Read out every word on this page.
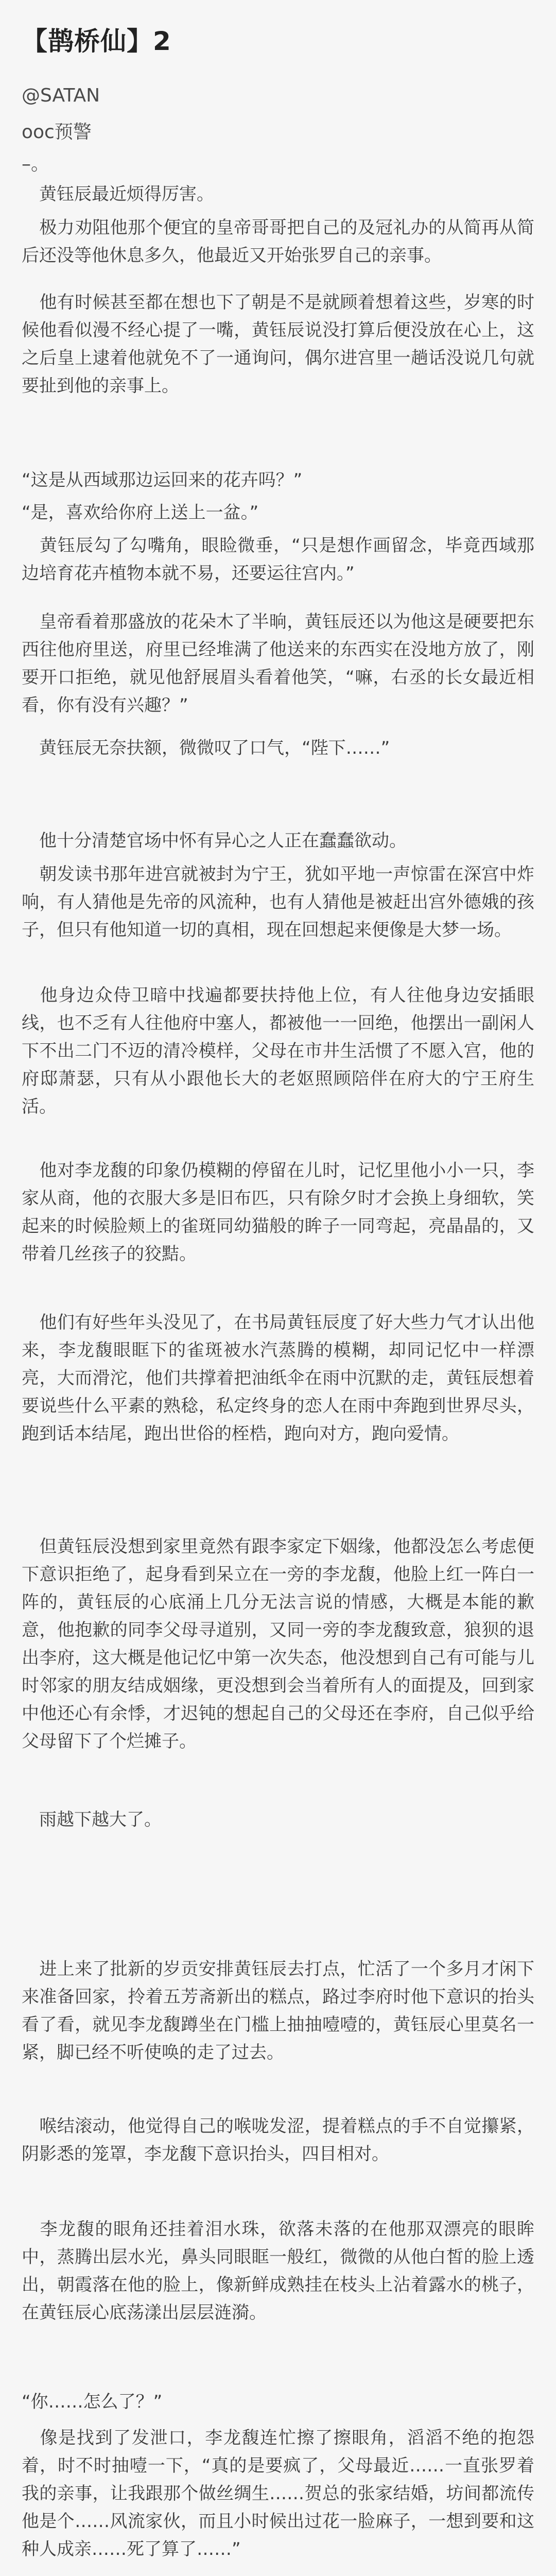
【鹊桥仙】2
@SATAN
ooc预警
–。

　黄钰辰最近烦得厉害。

　极力劝阻他那个便宜的皇帝哥哥把自己的及冠礼办的从简再从简后还没等他休息多久，他最近又开始张罗自己的亲事。

　他有时候甚至都在想也下了朝是不是就顾着想着这些，岁寒的时候他看似漫不经心提了一嘴，黄钰辰说没打算后便没放在心上，这之后皇上逮着他就免不了一通询问，偶尔进宫里一趟话没说几句就要扯到他的亲事上。

“这是从西域那边运回来的花卉吗？”

“是，喜欢给你府上送上一盆。”

　黄钰辰勾了勾嘴角，眼睑微垂，“只是想作画留念，毕竟西域那边培育花卉植物本就不易，还要运往宫内。”

　皇帝看着那盛放的花朵木了半晌，黄钰辰还以为他这是硬要把东西往他府里送，府里已经堆满了他送来的东西实在没地方放了，刚要开口拒绝，就见他舒展眉头看着他笑，“嘛，右丞的长女最近相看，你有没有兴趣？”

　黄钰辰无奈扶额，微微叹了口气，“陛下……”

　他十分清楚官场中怀有异心之人正在蠢蠢欲动。

　朝发读书那年进宫就被封为宁王，犹如平地一声惊雷在深宫中炸响，有人猜他是先帝的风流种，也有人猜他是被赶出宫外德娥的孩子，但只有他知道一切的真相，现在回想起来便像是大梦一场。

　他身边众侍卫暗中找遍都要扶持他上位，有人往他身边安插眼线，也不乏有人往他府中塞人，都被他一一回绝，他摆出一副闲人下不出二门不迈的清冷模样，父母在市井生活惯了不愿入宫，他的府邸萧瑟，只有从小跟他长大的老妪照顾陪伴在府大的宁王府生活。

　他对李龙馥的印象仍模糊的停留在儿时，记忆里他小小一只，李家从商，他的衣服大多是旧布匹，只有除夕时才会换上身细软，笑起来的时候脸颊上的雀斑同幼猫般的眸子一同弯起，亮晶晶的，又带着几丝孩子的狡黠。

　他们有好些年头没见了，在书局黄钰辰度了好大些力气才认出他来，李龙馥眼眶下的雀斑被水汽蒸腾的模糊，却同记忆中一样漂亮，大而滑沱，他们共撑着把油纸伞在雨中沉默的走，黄钰辰想着要说些什么平素的熟稔，私定终身的恋人在雨中奔跑到世界尽头，跑到话本结尾，跑出世俗的桎梏，跑向对方，跑向爱情。

　但黄钰辰没想到家里竟然有跟李家定下姻缘，他都没怎么考虑便下意识拒绝了，起身看到呆立在一旁的李龙馥，他脸上红一阵白一阵的，黄钰辰的心底涌上几分无法言说的情感，大概是本能的歉意，他抱歉的同李父母寻道别，又同一旁的李龙馥致意，狼狈的退出李府，这大概是他记忆中第一次失态，他没想到自己有可能与儿时邻家的朋友结成姻缘，更没想到会当着所有人的面提及，回到家中他还心有余悸，才迟钝的想起自己的父母还在李府，自己似乎给父母留下了个烂摊子。

　雨越下越大了。

　进上来了批新的岁贡安排黄钰辰去打点，忙活了一个多月才闲下来准备回家，拎着五芳斋新出的糕点，路过李府时他下意识的抬头看了看，就见李龙馥蹲坐在门槛上抽抽噎噎的，黄钰辰心里莫名一紧，脚已经不听使唤的走了过去。

　喉结滚动，他觉得自己的喉咙发涩，提着糕点的手不自觉攥紧，阴影悉的笼罩，李龙馥下意识抬头，四目相对。

　李龙馥的眼角还挂着泪水珠，欲落未落的在他那双漂亮的眼眸中，蒸腾出层水光，鼻头同眼眶一般红，微微的从他白皙的脸上透出，朝霞落在他的脸上，像新鲜成熟挂在枝头上沾着露水的桃子，在黄钰辰心底荡漾出层层涟漪。

“你……怎么了？”

　像是找到了发泄口，李龙馥连忙擦了擦眼角，滔滔不绝的抱怨着，时不时抽噎一下，“真的是要疯了，父母最近……一直张罗着我的亲事，让我跟那个做丝绸生……贺总的张家结婚，坊间都流传他是个……风流家伙，而且小时候出过花一脸麻子，一想到要和这种人成亲……死了算了……”
